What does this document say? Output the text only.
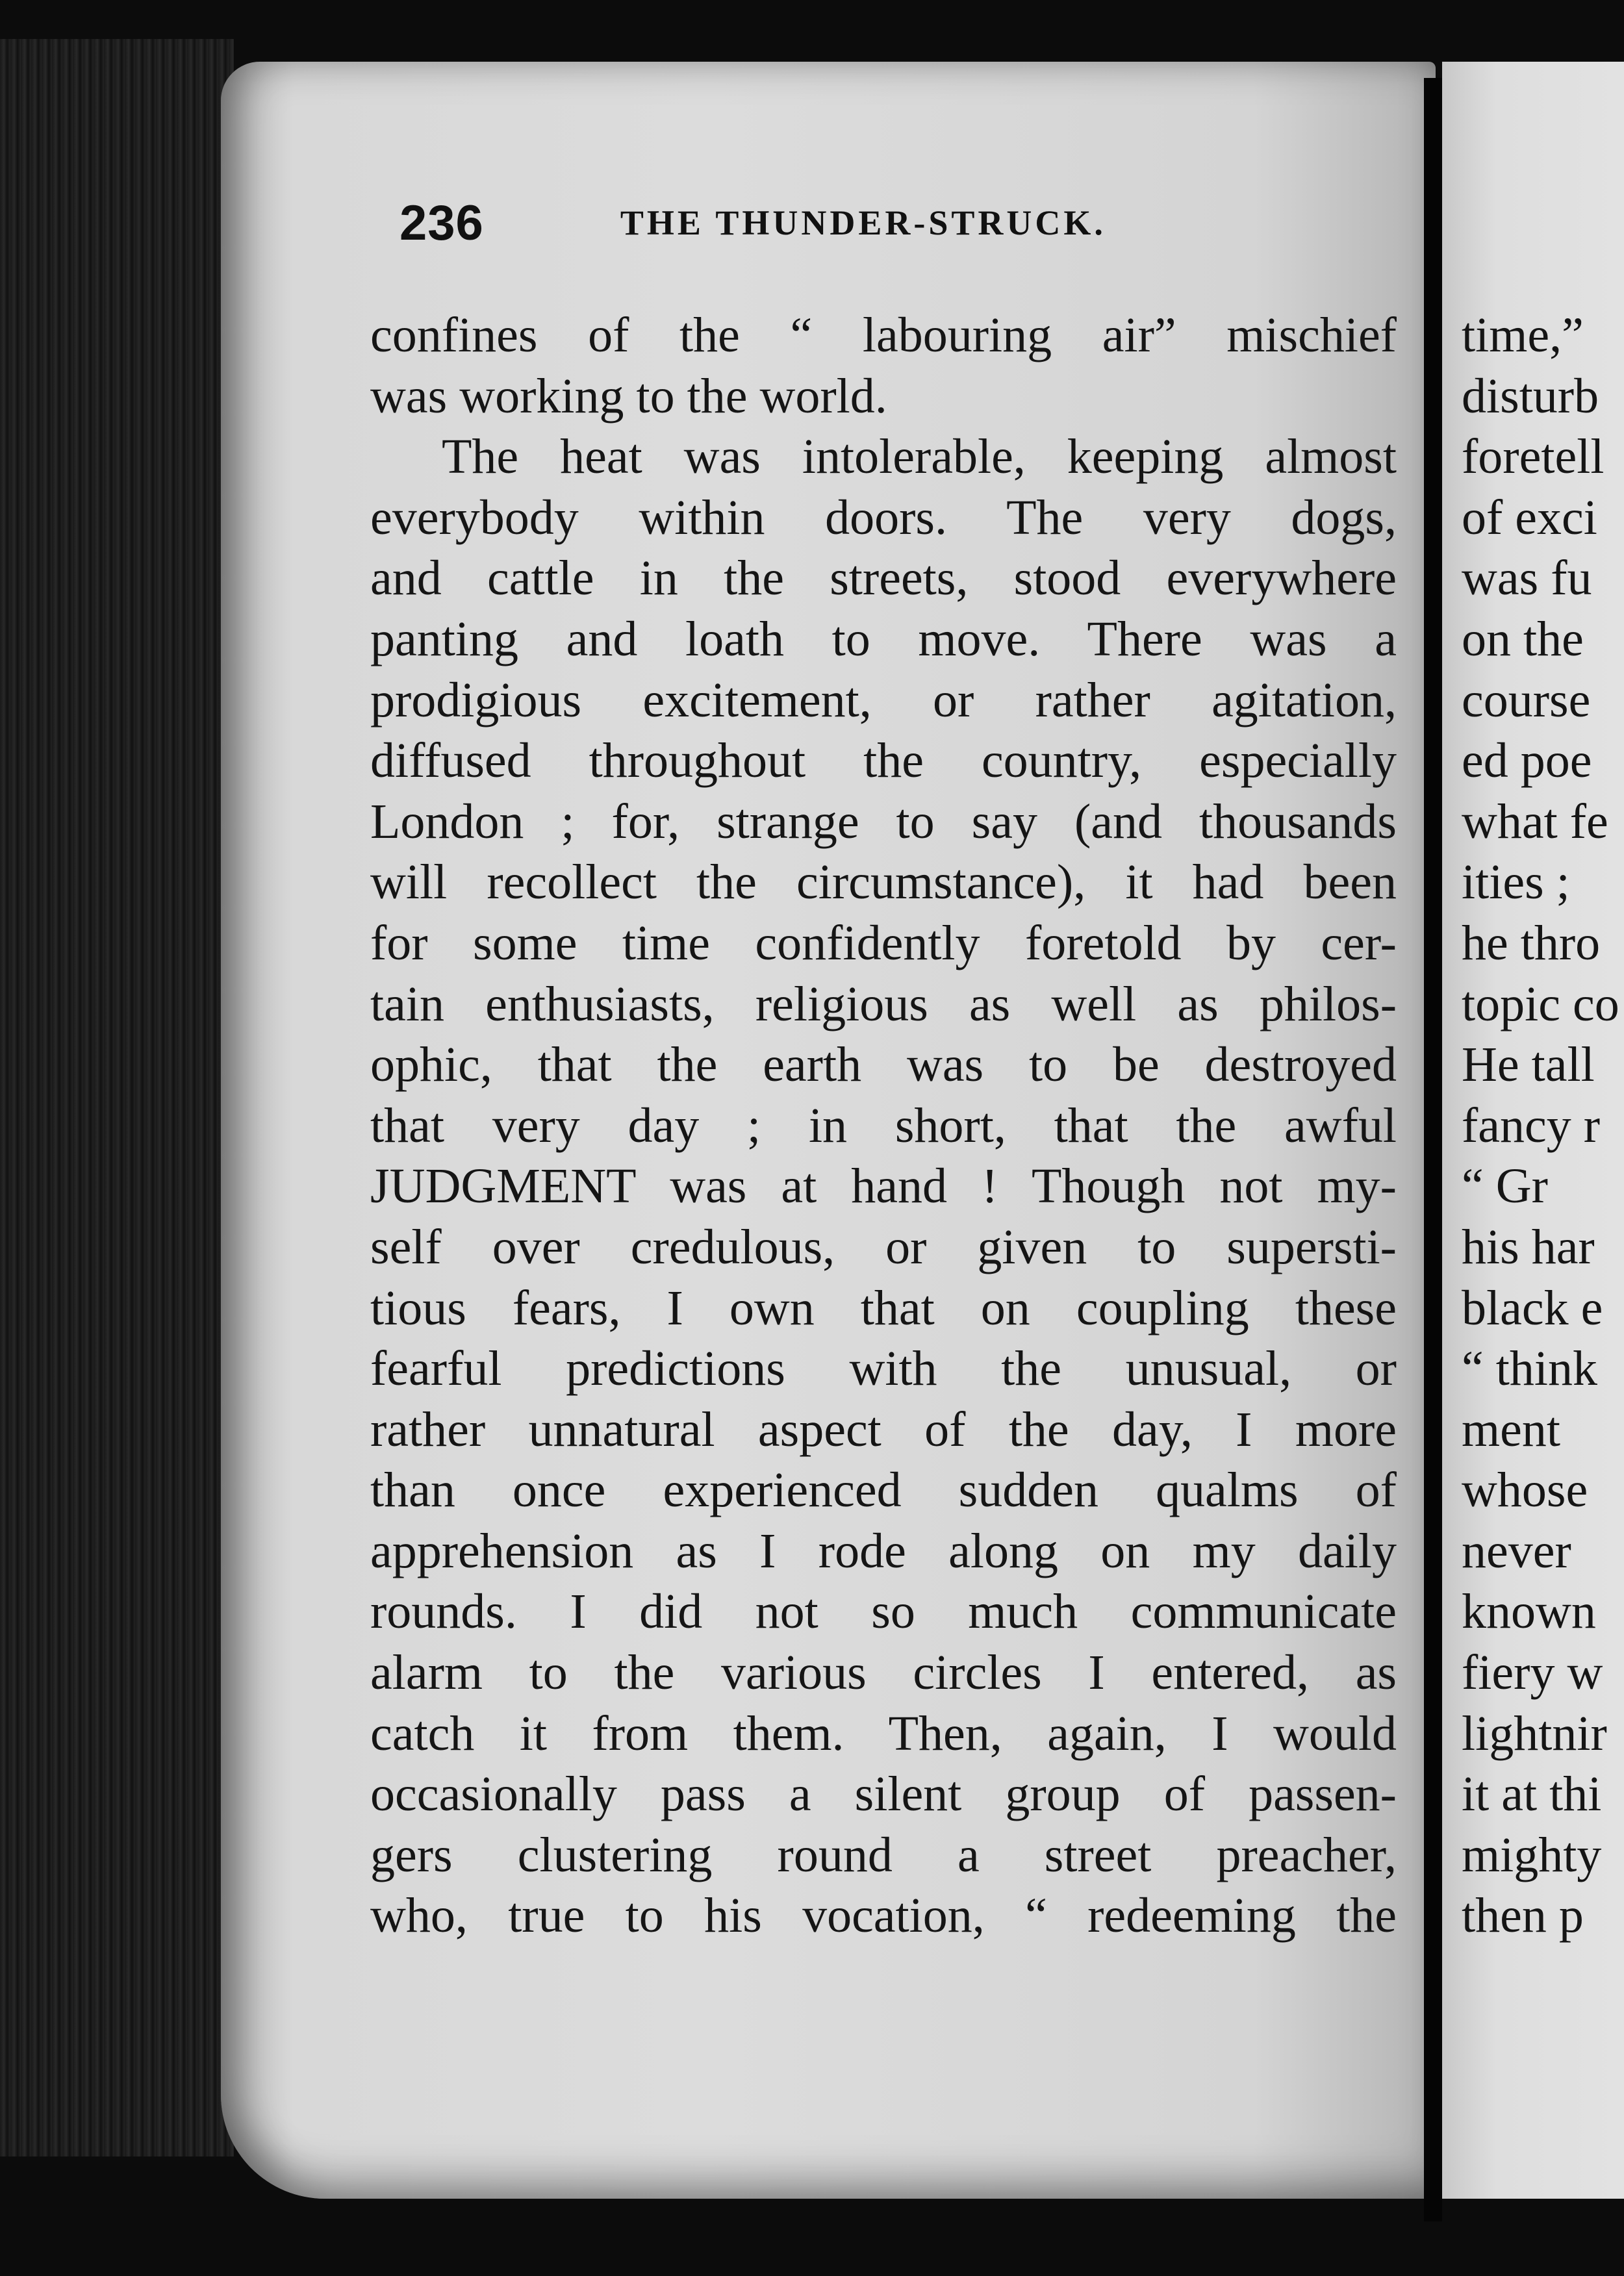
236	THE THUNDER-STRUCK.
confines of the “ labouring air” mischief
was working to the world.
The heat was intolerable, keeping almost
everybody within doors. The very dogs,
and cattle in the streets, stood everywhere
panting and loath to move. There was a
prodigious excitement, or rather agitation,
diffused throughout the country, especially
London ; for, strange to say (and thousands
will recollect the circumstance), it had been
for some time confidently foretold by cer-
tain enthusiasts, religious as well as philos-
ophic, that the earth was to be destroyed
that very day ; in short, that the awful
JUDGMENT was at hand ! Though not my-
self over credulous, or given to supersti-
tious fears, I own that on coupling these
fearful predictions with the unusual, or
rather unnatural aspect of the day, I more
than once experienced sudden qualms of
apprehension as I rode along on my daily
rounds. I did not so much communicate
alarm to the various circles I entered, as
catch it from them. Then, again, I would
occasionally pass a silent group of passen-
gers clustering round a street preacher,
who, true to his vocation, “ redeeming the
time,”
disturb
foretell
of exci
was fu
on the
course
ed poe
what fe
ities ;
he thro
topic co
He tall
fancy r
“ Gr
his har
black e
“ think
ment
whose
never
known
fiery w
lightnir
it at thi
mighty
then p
